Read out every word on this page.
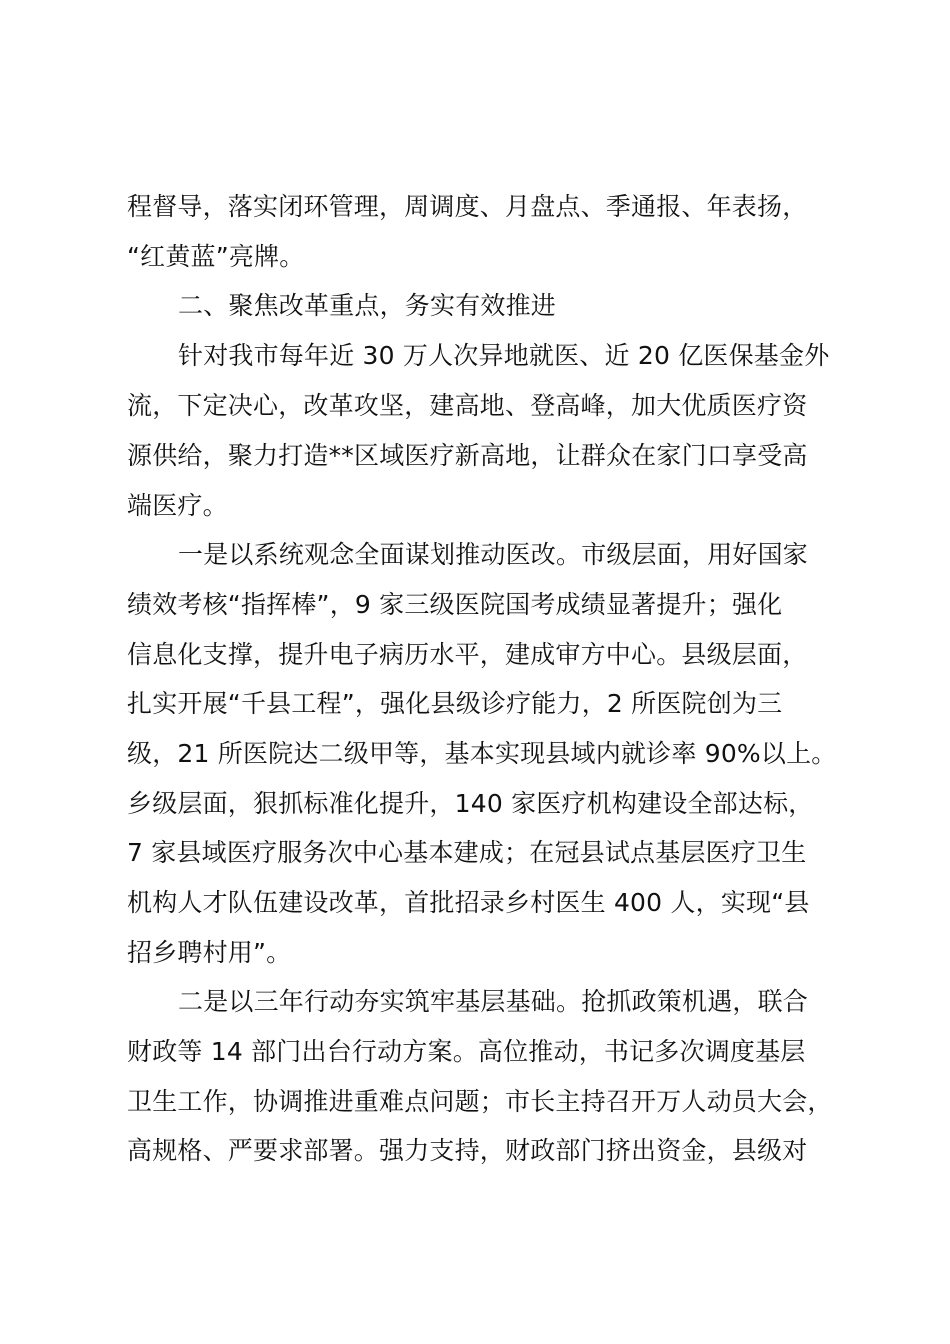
程督导，落实闭环管理，周调度、月盘点、季通报、年表扬，

“红黄蓝”亮牌。

二、聚焦改革重点，务实有效推进

针对我市每年近 30 万人次异地就医、近 20 亿医保基金外

流，下定决心，改革攻坚，建高地、登高峰，加大优质医疗资

源供给，聚力打造**区域医疗新高地，让群众在家门口享受高

端医疗。

一是以系统观念全面谋划推动医改。市级层面，用好国家

绩效考核“指挥棒”，9 家三级医院国考成绩显著提升；强化

信息化支撑，提升电子病历水平，建成审方中心。县级层面，

扎实开展“千县工程”，强化县级诊疗能力，2 所医院创为三

级，21 所医院达二级甲等，基本实现县域内就诊率 90%以上。

乡级层面，狠抓标准化提升，140 家医疗机构建设全部达标，

7 家县域医疗服务次中心基本建成；在冠县试点基层医疗卫生

机构人才队伍建设改革，首批招录乡村医生 400 人，实现“县

招乡聘村用”。

二是以三年行动夯实筑牢基层基础。抢抓政策机遇，联合

财政等 14 部门出台行动方案。高位推动，书记多次调度基层

卫生工作，协调推进重难点问题；市长主持召开万人动员大会，

高规格、严要求部署。强力支持，财政部门挤出资金，县级对
